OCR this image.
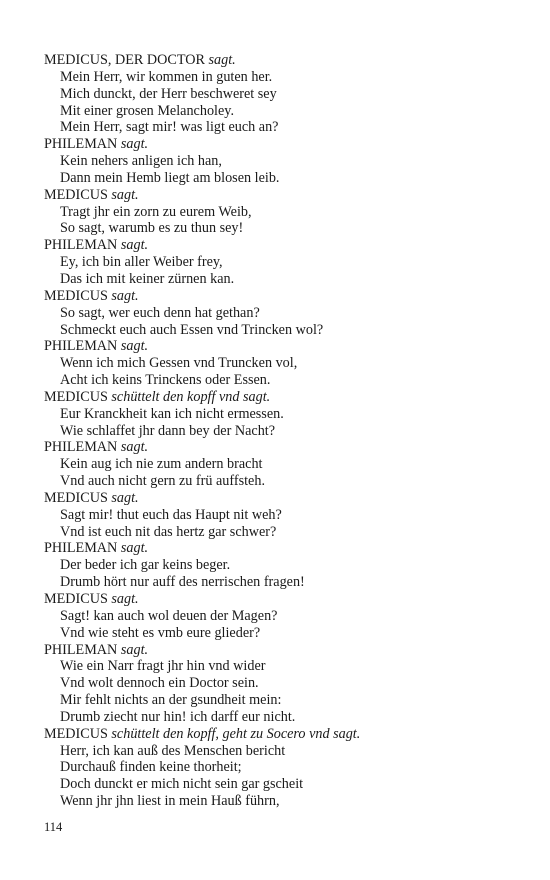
MEDICUS, DER DOCTOR sagt.
Mein Herr, wir kommen in guten her.
Mich dunckt, der Herr beschweret sey
Mit einer grosen Melancholey.
Mein Herr, sagt mir! was ligt euch an?
PHILEMAN sagt.
Kein nehers anligen ich han,
Dann mein Hemb liegt am blosen leib.
MEDICUS sagt.
Tragt jhr ein zorn zu eurem Weib,
So sagt, warumb es zu thun sey!
PHILEMAN sagt.
Ey, ich bin aller Weiber frey,
Das ich mit keiner zürnen kan.
MEDICUS sagt.
So sagt, wer euch denn hat gethan?
Schmeckt euch auch Essen vnd Trincken wol?
PHILEMAN sagt.
Wenn ich mich Gessen vnd Truncken vol,
Acht ich keins Trinckens oder Essen.
MEDICUS schüttelt den kopff vnd sagt.
Eur Kranckheit kan ich nicht ermessen.
Wie schlaffet jhr dann bey der Nacht?
PHILEMAN sagt.
Kein aug ich nie zum andern bracht
Vnd auch nicht gern zu frü auffsteh.
MEDICUS sagt.
Sagt mir! thut euch das Haupt nit weh?
Vnd ist euch nit das hertz gar schwer?
PHILEMAN sagt.
Der beder ich gar keins beger.
Drumb hört nur auff des nerrischen fragen!
MEDICUS sagt.
Sagt! kan auch wol deuen der Magen?
Vnd wie steht es vmb eure glieder?
PHILEMAN sagt.
Wie ein Narr fragt jhr hin vnd wider
Vnd wolt dennoch ein Doctor sein.
Mir fehlt nichts an der gsundheit mein:
Drumb ziecht nur hin! ich darff eur nicht.
MEDICUS schüttelt den kopff, geht zu Socero vnd sagt.
Herr, ich kan auß des Menschen bericht
Durchauß finden keine thorheit;
Doch dunckt er mich nicht sein gar gscheit
Wenn jhr jhn liest in mein Hauß führn,
114
